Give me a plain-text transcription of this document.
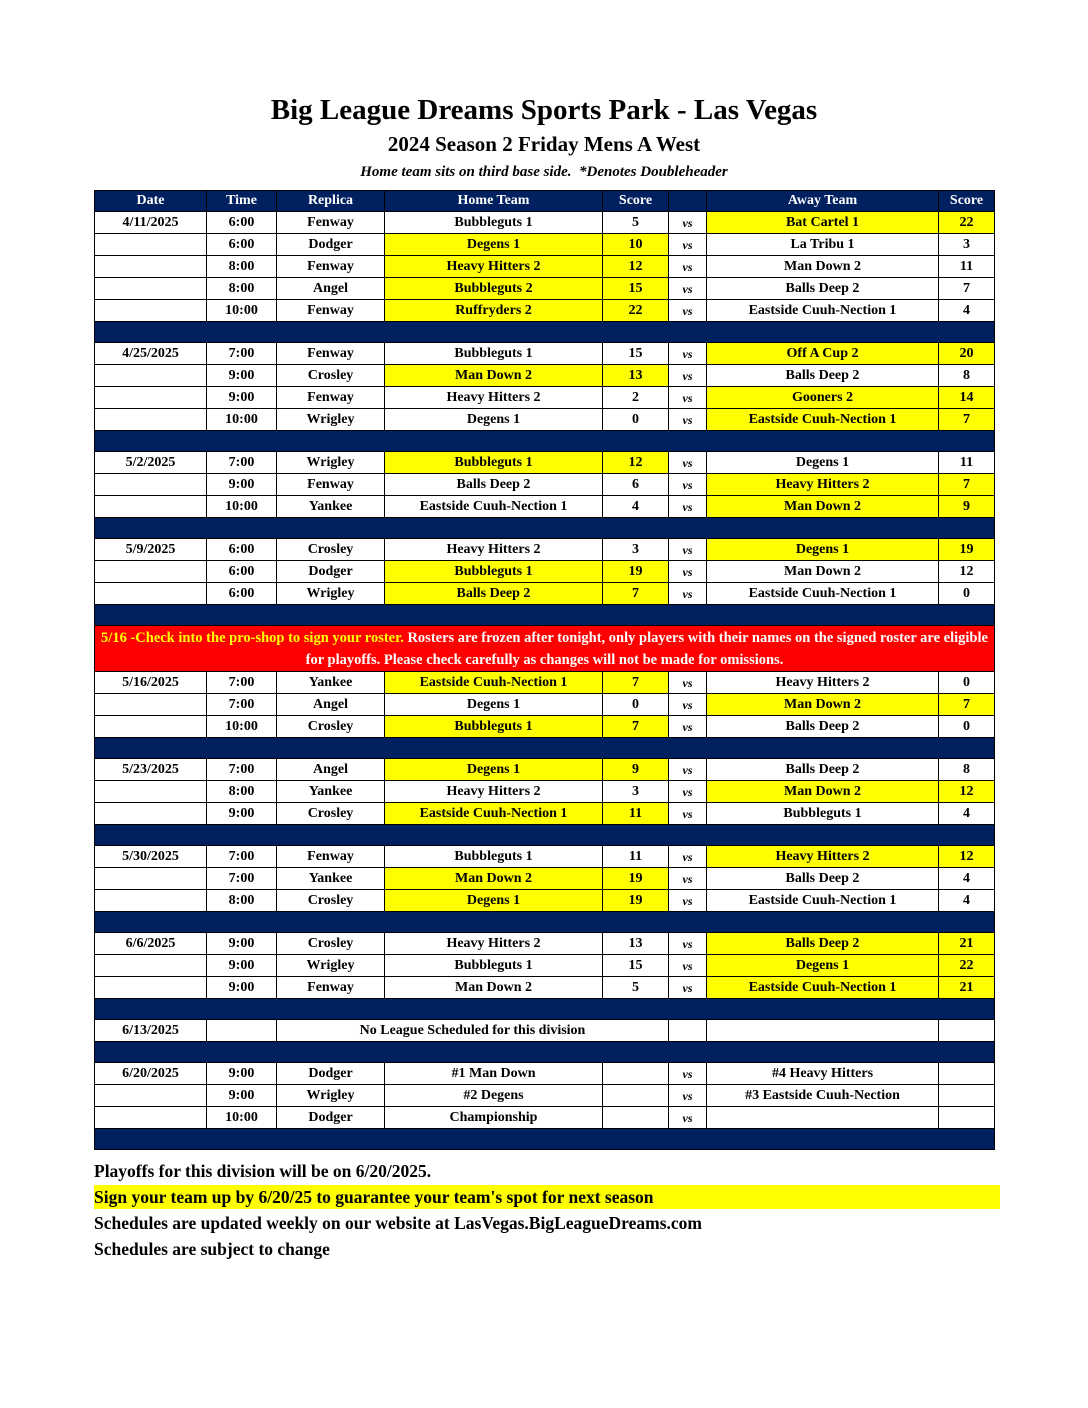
Big League Dreams Sports Park - Las Vegas
2024 Season 2 Friday Mens A West
Home team sits on third base side.  *Denotes Doubleheader
Date	Time	Replica	Home Team	Score		Away Team	Score
4/11/2025	6:00	Fenway	Bubbleguts 1	5	vs	Bat Cartel 1	22
	6:00	Dodger	Degens 1	10	vs	La Tribu 1	3
	8:00	Fenway	Heavy Hitters 2	12	vs	Man Down 2	11
	8:00	Angel	Bubbleguts 2	15	vs	Balls Deep 2	7
	10:00	Fenway	Ruffryders 2	22	vs	Eastside Cuuh-Nection 1	4

4/25/2025	7:00	Fenway	Bubbleguts 1	15	vs	Off A Cup 2	20
	9:00	Crosley	Man Down 2	13	vs	Balls Deep 2	8
	9:00	Fenway	Heavy Hitters 2	2	vs	Gooners 2	14
	10:00	Wrigley	Degens 1	0	vs	Eastside Cuuh-Nection 1	7

5/2/2025	7:00	Wrigley	Bubbleguts 1	12	vs	Degens 1	11
	9:00	Fenway	Balls Deep 2	6	vs	Heavy Hitters 2	7
	10:00	Yankee	Eastside Cuuh-Nection 1	4	vs	Man Down 2	9

5/9/2025	6:00	Crosley	Heavy Hitters 2	3	vs	Degens 1	19
	6:00	Dodger	Bubbleguts 1	19	vs	Man Down 2	12
	6:00	Wrigley	Balls Deep 2	7	vs	Eastside Cuuh-Nection 1	0

5/16 -Check into the pro-shop to sign your roster. Rosters are frozen after tonight, only players with their names on the signed roster are eligible for playoffs. Please check carefully as changes will not be made for omissions.							
5/16/2025	7:00	Yankee	Eastside Cuuh-Nection 1	7	vs	Heavy Hitters 2	0
	7:00	Angel	Degens 1	0	vs	Man Down 2	7
	10:00	Crosley	Bubbleguts 1	7	vs	Balls Deep 2	0

5/23/2025	7:00	Angel	Degens 1	9	vs	Balls Deep 2	8
	8:00	Yankee	Heavy Hitters 2	3	vs	Man Down 2	12
	9:00	Crosley	Eastside Cuuh-Nection 1	11	vs	Bubbleguts 1	4

5/30/2025	7:00	Fenway	Bubbleguts 1	11	vs	Heavy Hitters 2	12
	7:00	Yankee	Man Down 2	19	vs	Balls Deep 2	4
	8:00	Crosley	Degens 1	19	vs	Eastside Cuuh-Nection 1	4

6/6/2025	9:00	Crosley	Heavy Hitters 2	13	vs	Balls Deep 2	21
	9:00	Wrigley	Bubbleguts 1	15	vs	Degens 1	22
	9:00	Fenway	Man Down 2	5	vs	Eastside Cuuh-Nection 1	21

6/13/2025		No League Scheduled for this division					

6/20/2025	9:00	Dodger	#1 Man Down		vs	#4 Heavy Hitters	
	9:00	Wrigley	#2 Degens		vs	#3 Eastside Cuuh-Nection	
	10:00	Dodger	Championship		vs		

Playoffs for this division will be on 6/20/2025.
Sign your team up by 6/20/25 to guarantee your team's spot for next season
Schedules are updated weekly on our website at LasVegas.BigLeagueDreams.com
Schedules are subject to change
